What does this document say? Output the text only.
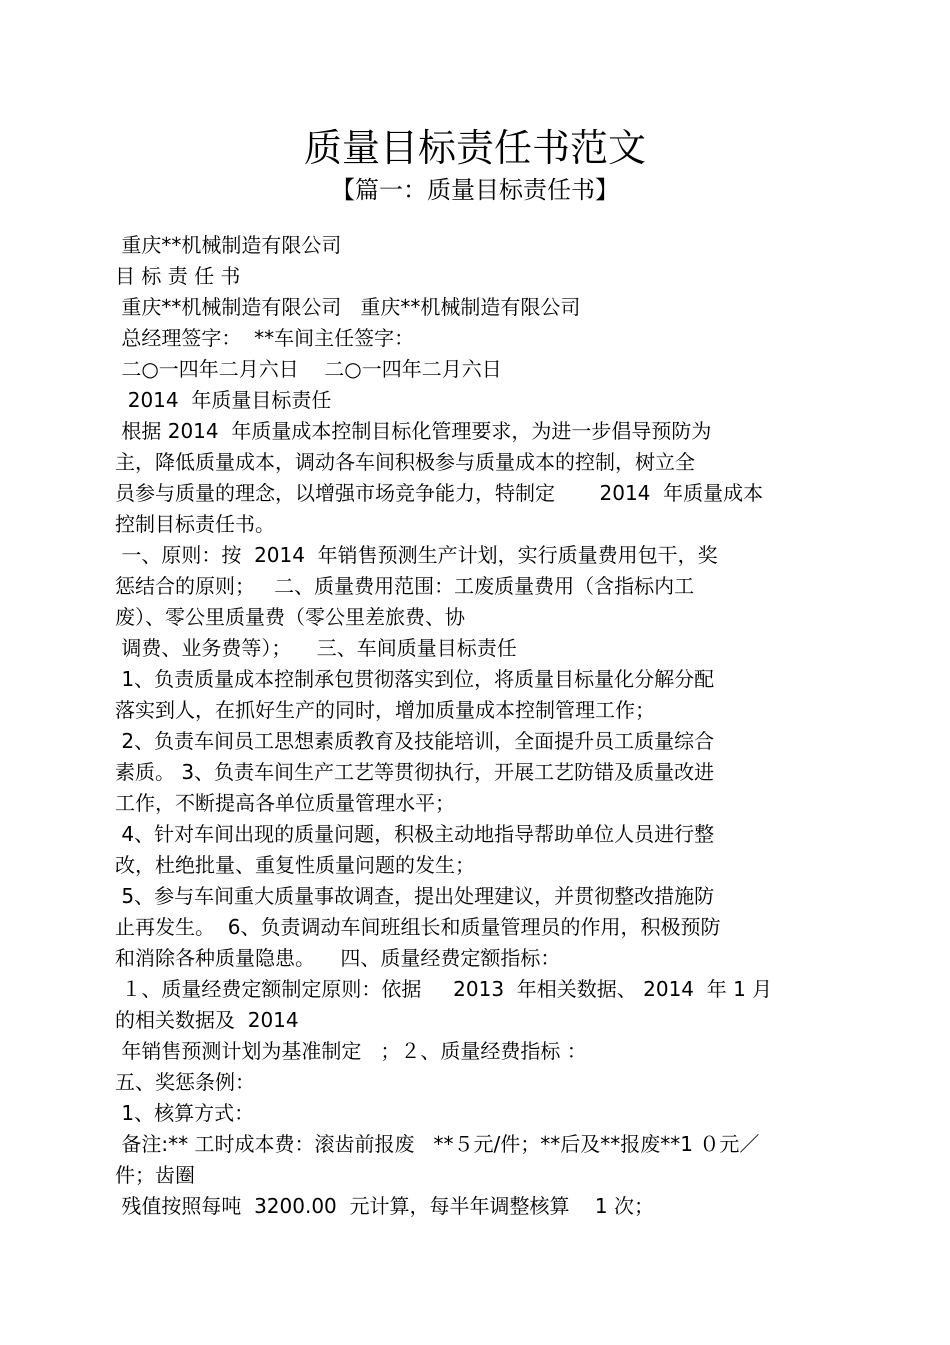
质量目标责任书范文
【篇一：质量目标责任书】
重庆**机械制造有限公司
目 标 责 任 书
重庆**机械制造有限公司   重庆**机械制造有限公司
总经理签字：  **车间主任签字：
二○一四年二月六日    二○一四年二月六日
2014  年质量目标责任
根据 2014  年质量成本控制目标化管理要求，为进一步倡导预防为
主，降低质量成本，调动各车间积极参与质量成本的控制，树立全
员参与质量的理念，以增强市场竞争能力，特制定       2014  年质量成本
控制目标责任书。
一、原则：按  2014  年销售预测生产计划，实行质量费用包干，奖
惩结合的原则；   二、质量费用范围：工废质量费用（含指标内工
废）、零公里质量费（零公里差旅费、协
调费、业务费等）；    三、车间质量目标责任
1、负责质量成本控制承包贯彻落实到位，将质量目标量化分解分配
落实到人，在抓好生产的同时，增加质量成本控制管理工作；
2、负责车间员工思想素质教育及技能培训，全面提升员工质量综合
素质。 3、负责车间生产工艺等贯彻执行，开展工艺防错及质量改进
工作，不断提高各单位质量管理水平；
4、针对车间出现的质量问题，积极主动地指导帮助单位人员进行整
改，杜绝批量、重复性质量问题的发生；
5、参与车间重大质量事故调查，提出处理建议，并贯彻整改措施防
止再发生。  6、负责调动车间班组长和质量管理员的作用，积极预防
和消除各种质量隐患。    四、质量经费定额指标：
１、质量经费定额制定原则：依据     2013  年相关数据、 2014  年 1 月
的相关数据及  2014
年销售预测计划为基准制定   ；２、质量经费指标 ：
五、奖惩条例：
1、核算方式：
备注:** 工时成本费：滚齿前报废   **５元/件；**后及**报废**1 ０元／
件；齿圈
残值按照每吨  3200.00  元计算，每半年调整核算    1 次；
